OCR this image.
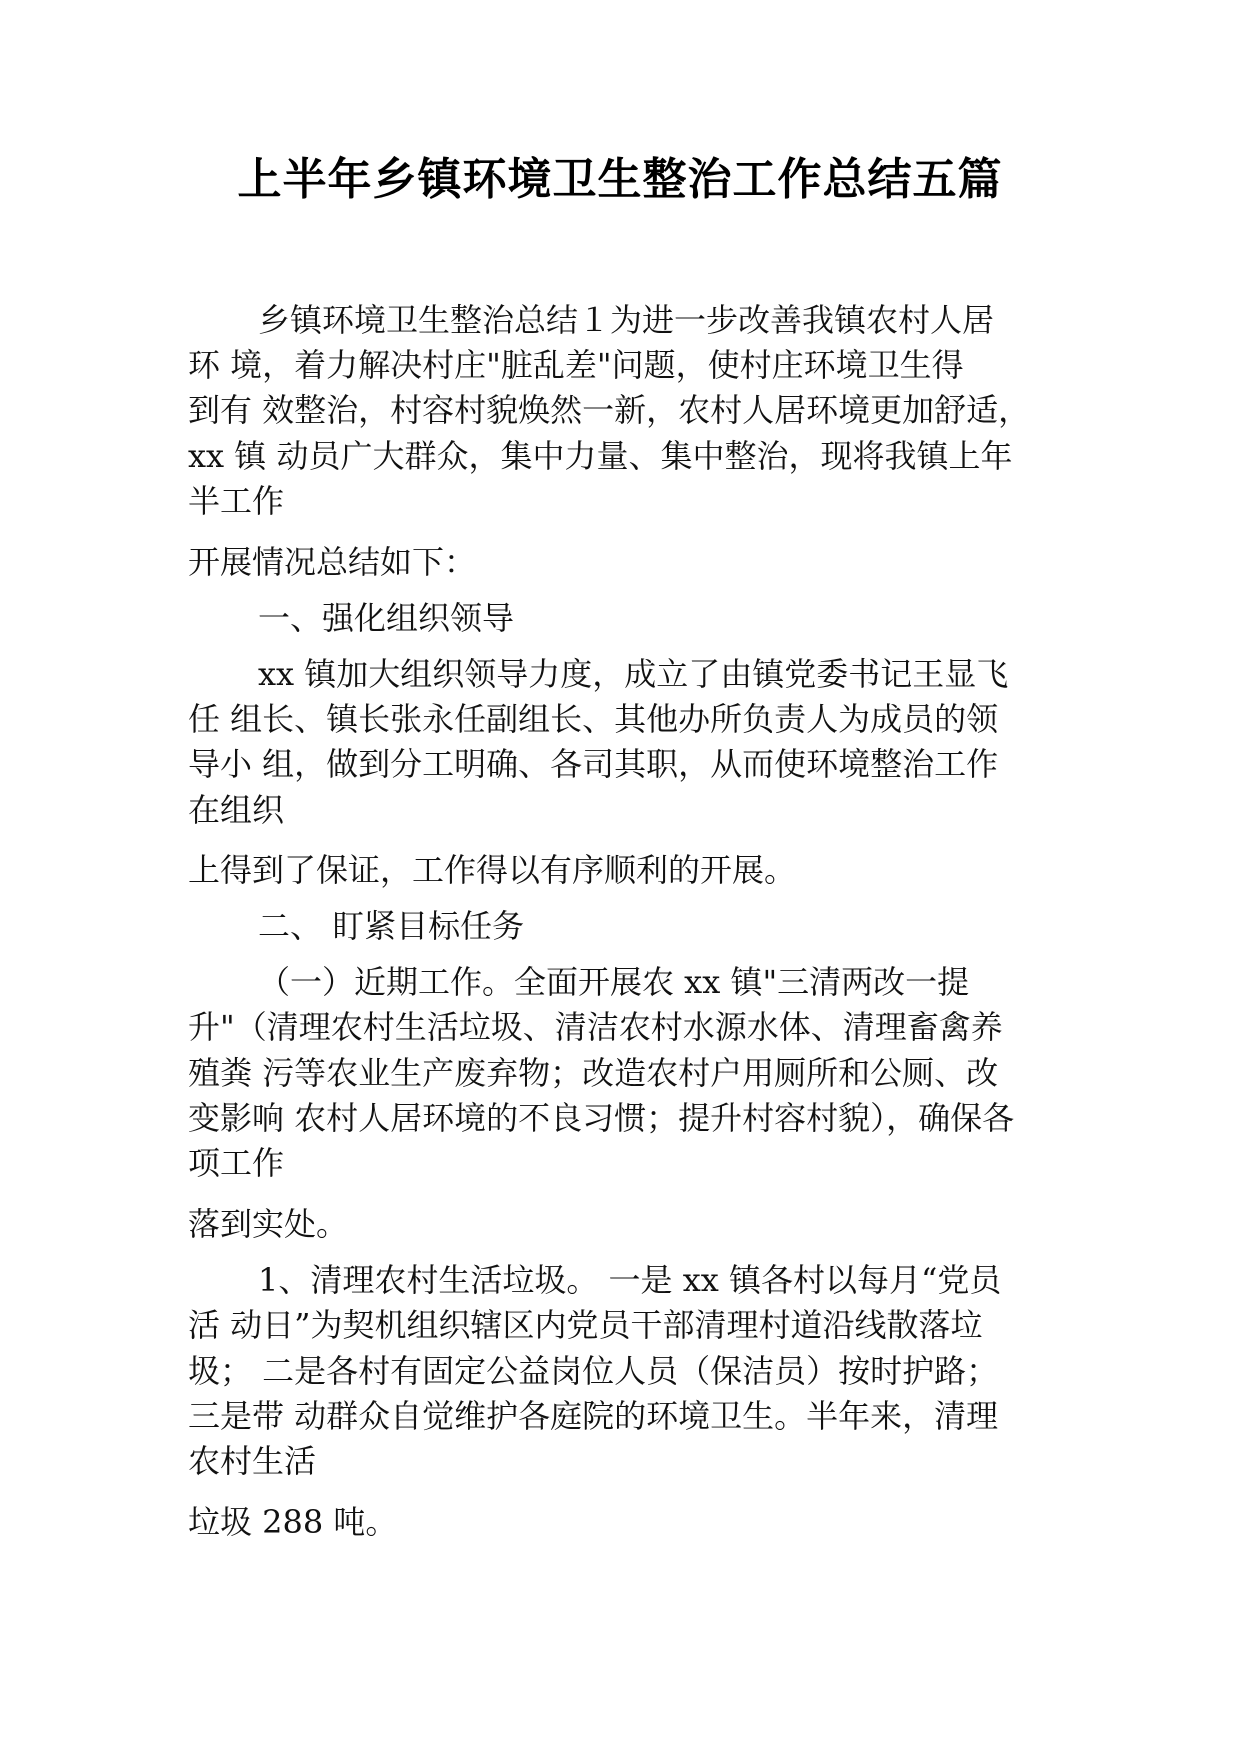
上半年乡镇环境卫生整治工作总结五篇
乡镇环境卫生整治总结１为进一步改善我镇农村人居
环 境，着力解决村庄"脏乱差"问题，使村庄环境卫生得
到有 效整治，村容村貌焕然一新，农村人居环境更加舒适，
xx 镇 动员广大群众，集中力量、集中整治，现将我镇上年
半工作
开展情况总结如下：
一、强化组织领导
xx 镇加大组织领导力度，成立了由镇党委书记王显飞
任 组长、镇长张永任副组长、其他办所负责人为成员的领
导小 组，做到分工明确、各司其职，从而使环境整治工作
在组织
上得到了保证，工作得以有序顺利的开展。
二、 盯紧目标任务
（一）近期工作。全面开展农 xx 镇"三清两改一提
升"（清理农村生活垃圾、清洁农村水源水体、清理畜禽养
殖粪 污等农业生产废弃物；改造农村户用厕所和公厕、改
变影响 农村人居环境的不良习惯；提升村容村貌），确保各
项工作
落到实处。
1、清理农村生活垃圾。 一是 xx 镇各村以每月“党员
活 动日”为契机组织辖区内党员干部清理村道沿线散落垃
圾； 二是各村有固定公益岗位人员（保洁员）按时护路；
三是带 动群众自觉维护各庭院的环境卫生。半年来，清理
农村生活
垃圾 288 吨。
